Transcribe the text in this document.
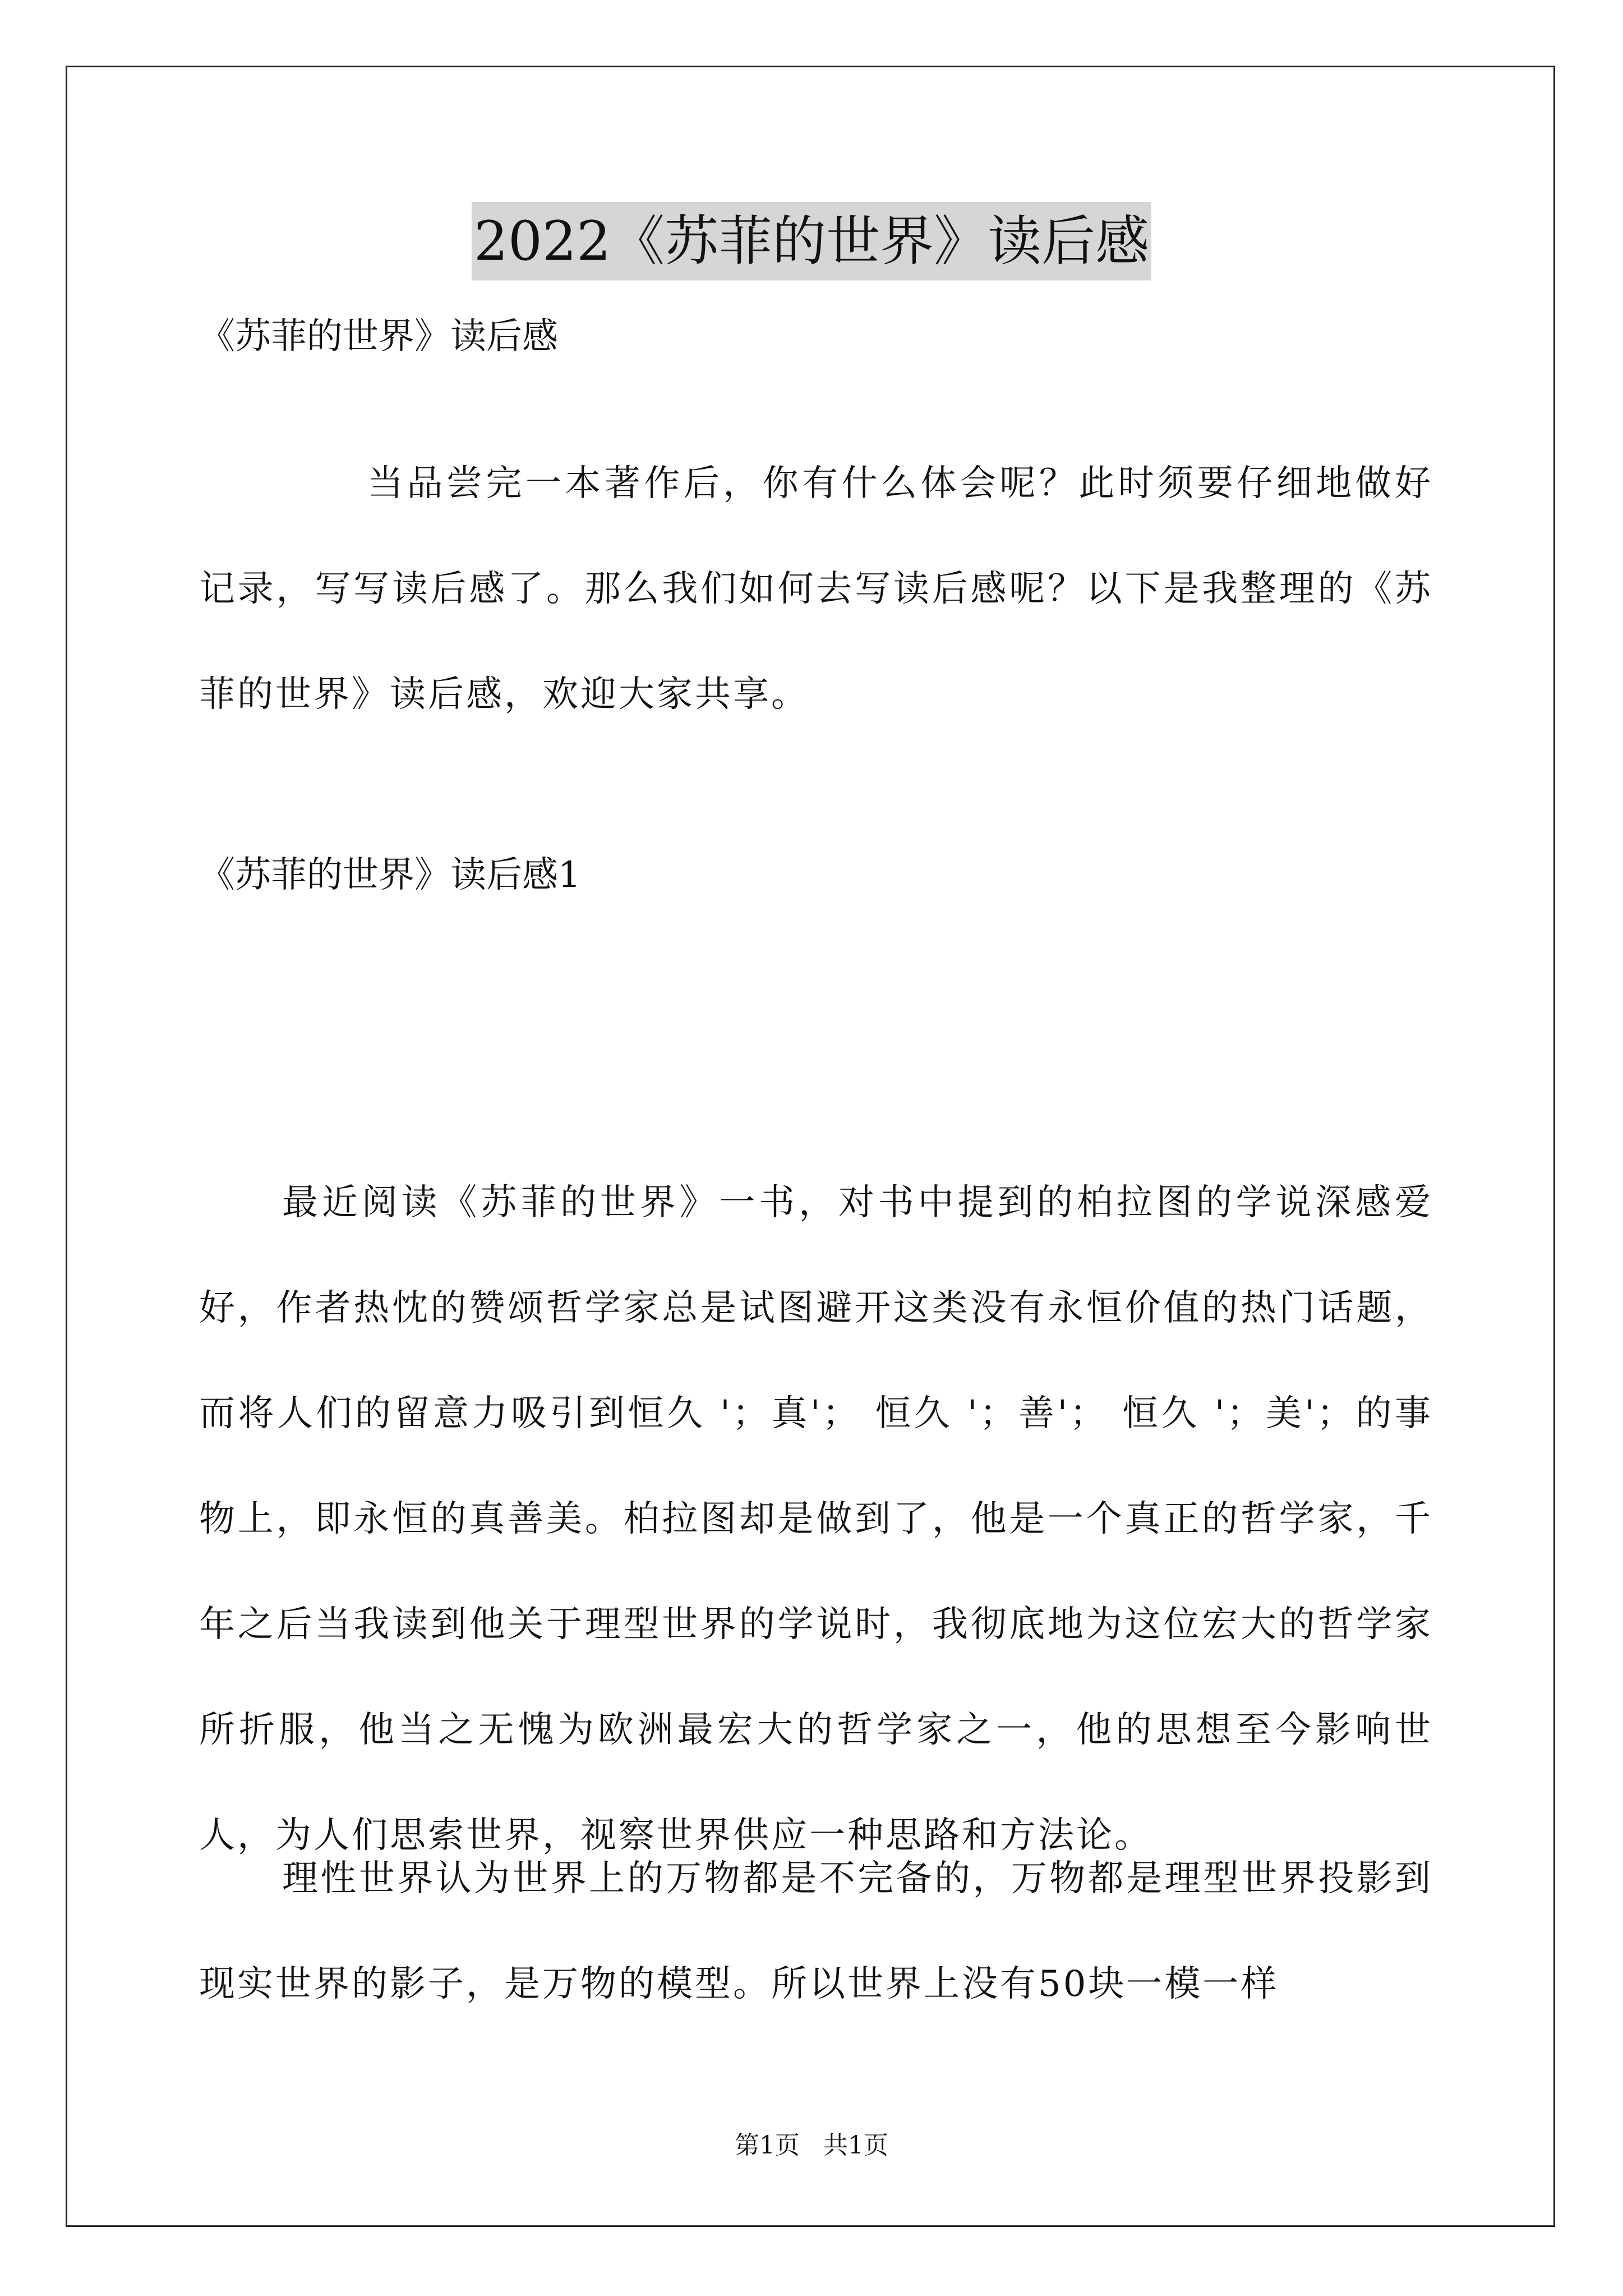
2022《苏菲的世界》读后感
《苏菲的世界》读后感

当品尝完一本著作后，你有什么体会呢？此时须要仔细地做好记录，写写读后感了。那么我们如何去写读后感呢？以下是我整理的《苏菲的世界》读后感，欢迎大家共享。

《苏菲的世界》读后感1

最近阅读《苏菲的世界》一书，对书中提到的柏拉图的学说深感爱好，作者热忱的赞颂哲学家总是试图避开这类没有永恒价值的热门话题，而将人们的留意力吸引到恒久 '；真'； 恒久 '；善'； 恒久 '；美'；的事物上，即永恒的真善美。柏拉图却是做到了，他是一个真正的哲学家，千年之后当我读到他关于理型世界的学说时，我彻底地为这位宏大的哲学家所折服，他当之无愧为欧洲最宏大的哲学家之一，他的思想至今影响世人，为人们思索世界，视察世界供应一种思路和方法论。

理性世界认为世界上的万物都是不完备的，万物都是理型世界投影到现实世界的影子，是万物的模型。所以世界上没有50块一模一样

第1页   共1页
